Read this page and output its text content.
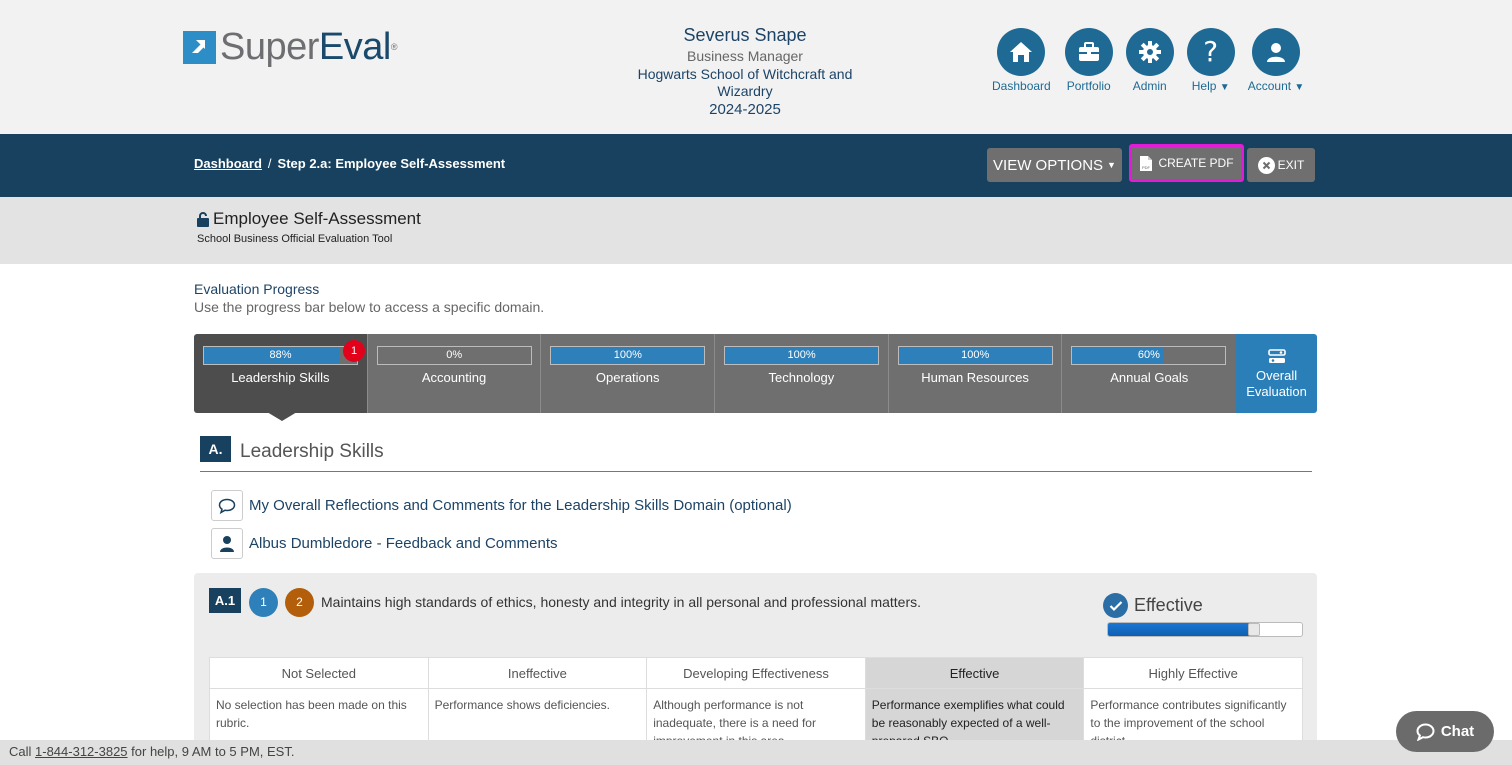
SuperEval®
Severus Snape
Business Manager
Hogwarts School of Witchcraft and Wizardry
2024-2025
Dashboard Portfolio Admin
?
Help ▼ Account ▼
Dashboard / Step 2.a: Employee Self-Assessment	VIEW OPTIONS ▼	PDF CREATE PDF	EXIT
Employee Self-Assessment
School Business Official Evaluation Tool
Evaluation Progress
Use the progress bar below to access a specific domain.
88%
Leadership Skills
1	0%
Accounting
100%
Operations
100%
Technology
100%
Human Resources
60%
Annual Goals	Overall
Evaluation
A. Leadership Skills
My Overall Reflections and Comments for the Leadership Skills Domain (optional)
Albus Dumbledore - Feedback and Comments
A.1	1	2	Maintains high standards of ethics, honesty and integrity in all personal and professional matters.	Effective
Not Selected	Ineffective	Developing Effectiveness	Effective	Highly Effective
No selection has been made on this rubric.	Performance shows deficiencies.	Although performance is not inadequate, there is a need for	Performance exemplifies what could be reasonably expected of a well-	Performance contributes significantly to the improvement of the school
Call 1-844-312-3825 for help, 9 AM to 5 PM, EST.
Chat
